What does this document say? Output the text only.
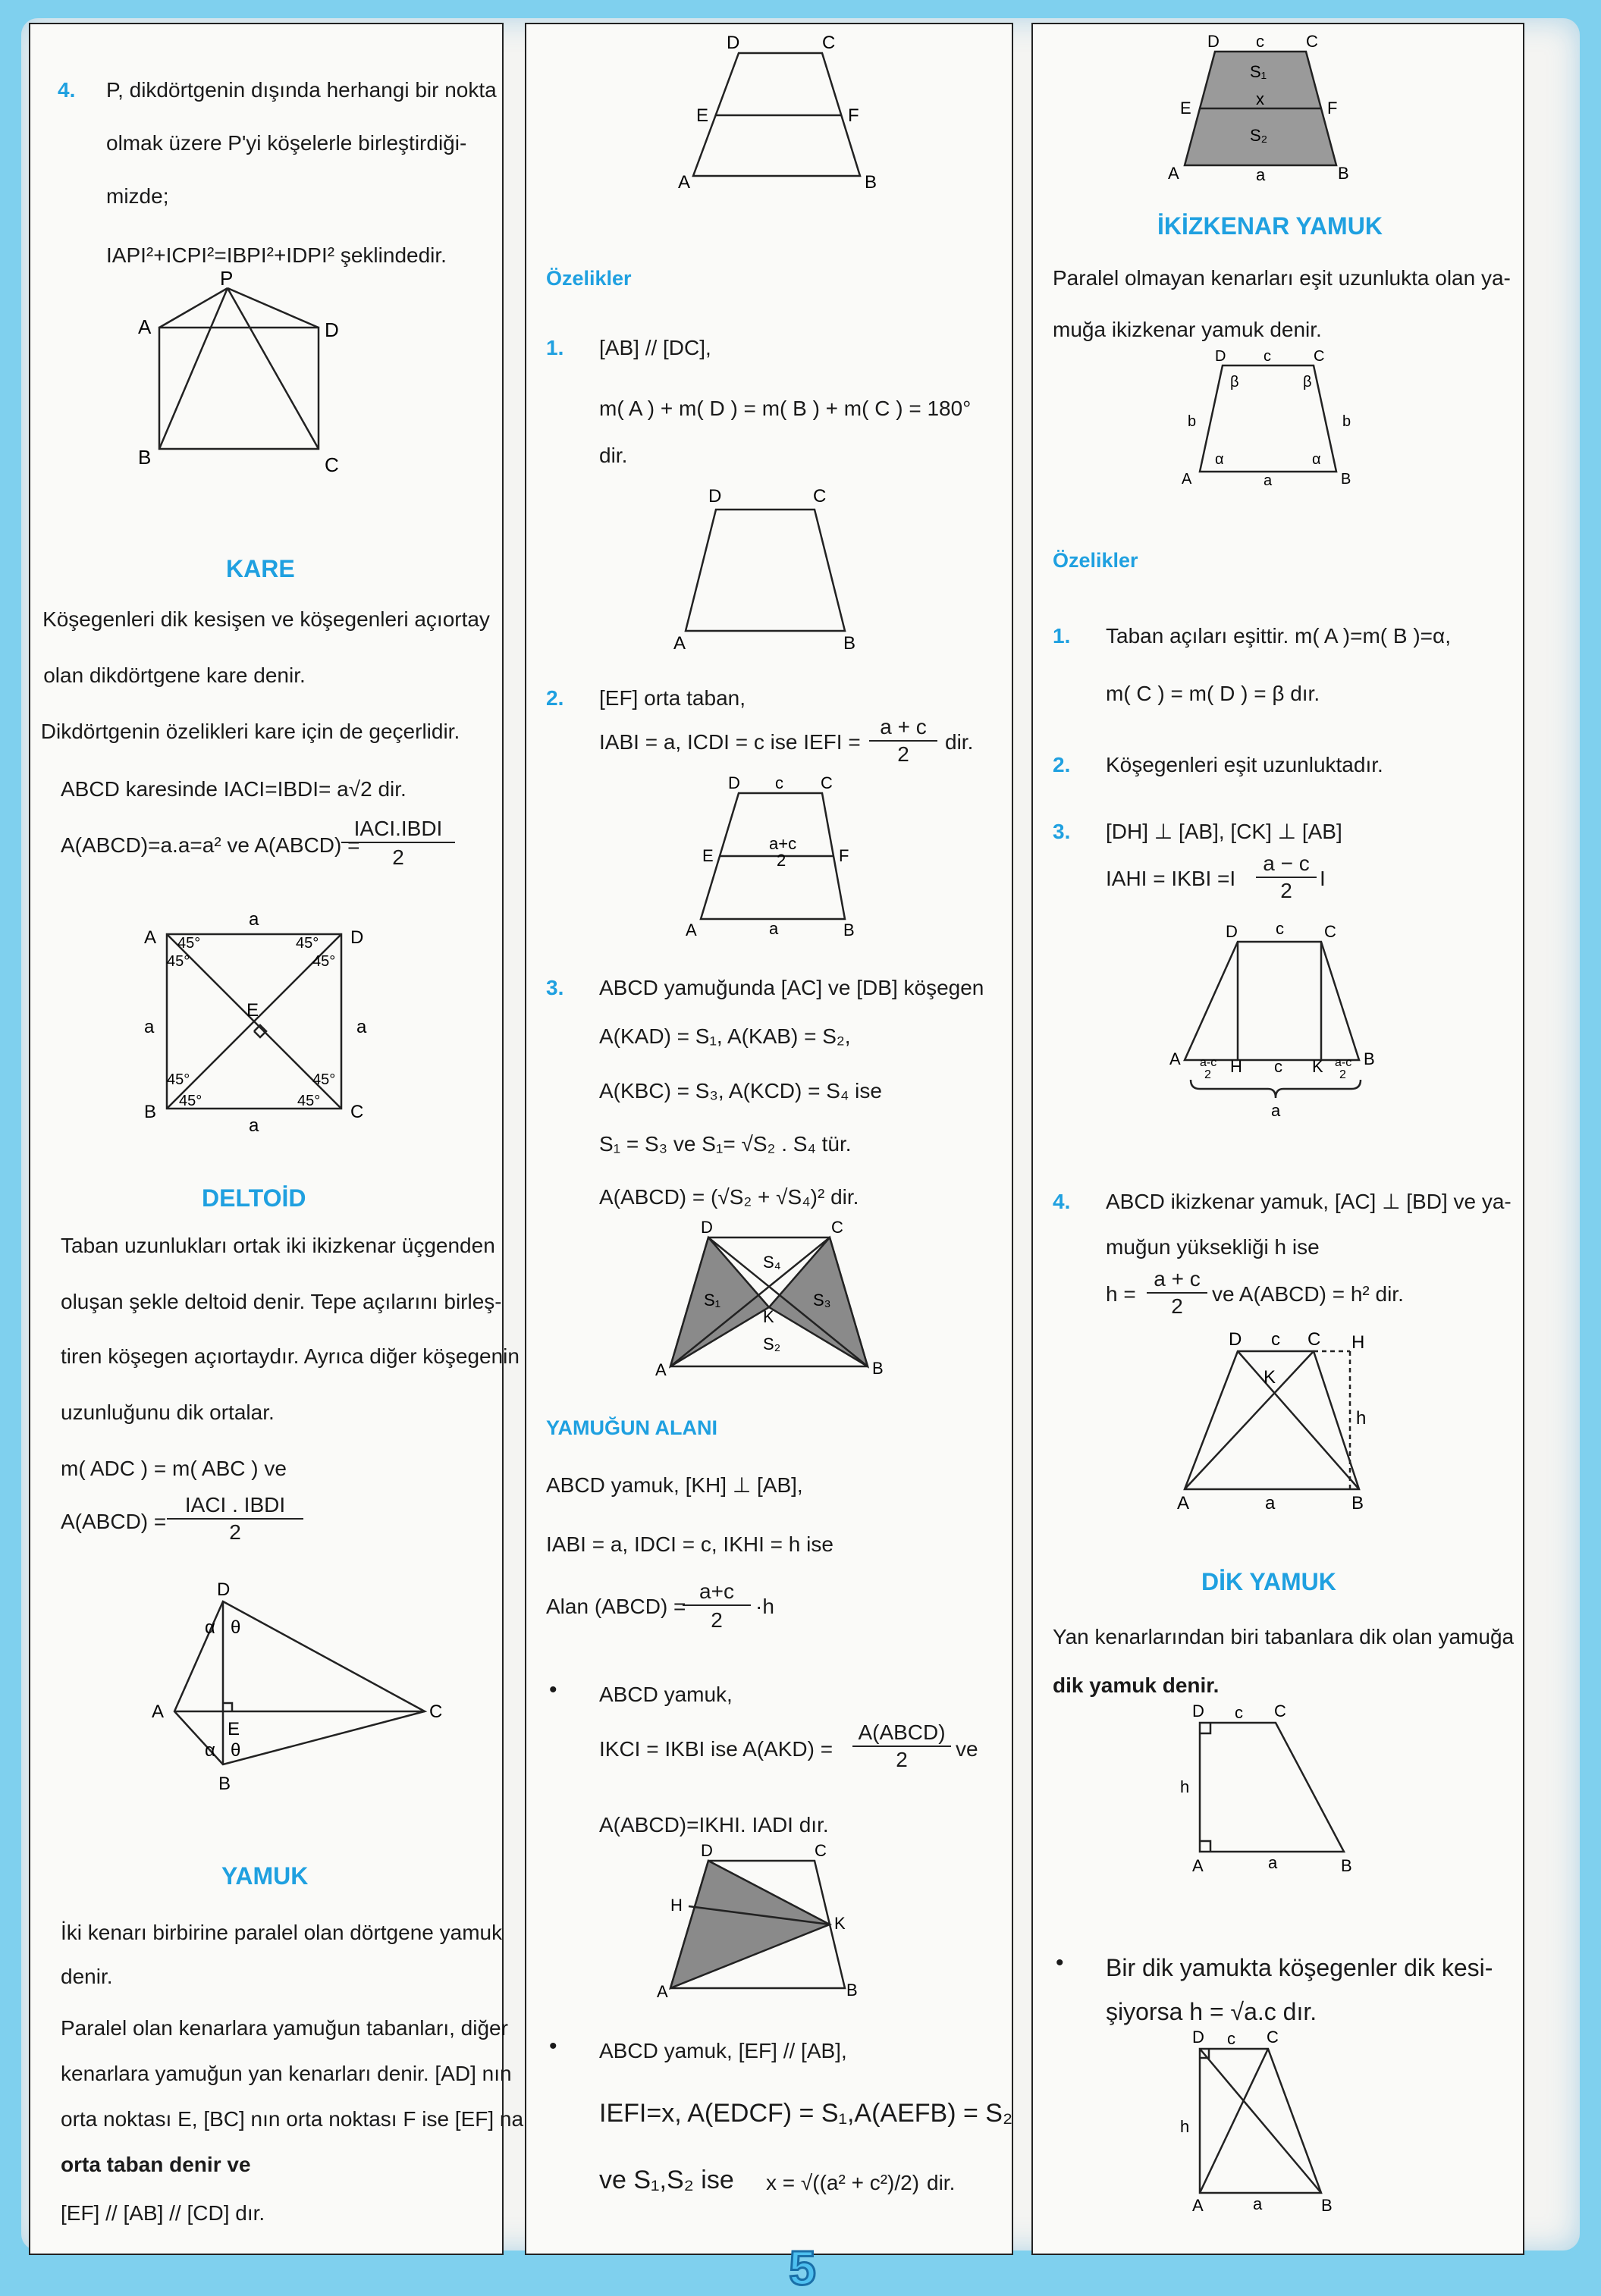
4. P, dikdörtgenin dışında herhangi bir nokta
olmak üzere P'yi köşelerle birleştirdiği-
mizde;
IAPI²+ICPI²=IBPI²+IDPI² şeklindedir.
P
A	D
B	C
KARE
Köşegenleri dik kesişen ve köşegenleri açıortay
olan dikdörtgene kare denir.
Dikdörtgenin özelikleri kare için de geçerlidir.
ABCD karesinde IACI=IBDI= a√2 dir.
A(ABCD)=a.a=a² ve A(ABCD) =
IACI.IBDI
2
a
a	a
a
A	D
B	C
E
45°
45°
45°
45°
45°
45°
45°
45°
DELTOİD
Taban uzunlukları ortak iki ikizkenar üçgenden
oluşan şekle deltoid denir. Tepe açılarını birleş-
tiren köşegen açıortaydır. Ayrıca diğer köşegenin
uzunluğunu dik ortalar.
m( ADC ) = m( ABC ) ve
A(ABCD) =
IACI . IBDI
2
D
A
B
C
E
α θ
α θ
YAMUK
İki kenarı birbirine paralel olan dörtgene yamuk
denir.
Paralel olan kenarlara yamuğun tabanları, diğer
kenarlara yamuğun yan kenarları denir. [AD] nın
orta noktası E, [BC] nın orta noktası F ise [EF] na
orta taban denir ve
[EF] // [AB] // [CD] dır.
D	C
E	F
A	B
Özelikler
1. [AB] // [DC],
m( A ) + m( D ) = m( B ) + m( C ) = 180°
dir.
D	C
A	B
2. [EF] orta taban,
IABI = a, ICDI = c ise IEFI =
a + c
2
dir.
D c C
a+c
2
E	F
A	a	B
3. ABCD yamuğunda [AC] ve [DB] köşegen
A(KAD) = S₁, A(KAB) = S₂,
A(KBC) = S₃, A(KCD) = S₄ ise
S₁ = S₃ ve S₁= √S₂ . S₄ tür.
A(ABCD) = (√S₂ + √S₄)² dir.
D	C
A	B
S₄
S₁	S₃
K
S₂
YAMUĞUN ALANI
ABCD yamuk, [KH] ⊥ [AB],
IABI = a, IDCI = c, IKHI = h ise
Alan (ABCD) =
a+c
2
·h
• ABCD yamuk,
IKCI = IKBI ise A(AKD) =
A(ABCD)
2	ve
A(ABCD)=IKHI. IADI dır.
D	C
H
K
A	B
• ABCD yamuk, [EF] // [AB],
IEFI=x, A(EDCF) = S₁,A(AEFB) = S₂
ve S₁,S₂ ise x = √((a² + c²)/2) dir.
D c	C
S₁
x
S₂
E	F
A	a	B
İKİZKENAR YAMUK
Paralel olmayan kenarları eşit uzunlukta olan ya-
muğa ikizkenar yamuk denir.
D c	C
β	β
b	b
α	α
A	a	B
Özelikler
1. Taban açıları eşittir. m( A )=m( B )=α,
m( C ) = m( D ) = β dır.
2. Köşegenleri eşit uzunluktadır.
3. [DH] ⊥ [AB], [CK] ⊥ [AB]
IAHI = IKBI =I
a − c
2
I
D c C
A a-c
2 H c K a-c
2
B
a
4. ABCD ikizkenar yamuk, [AC] ⊥ [BD] ve ya-
muğun yüksekliği h ise
h =
a + c
2
ve A(ABCD) = h² dir.
D c C H
K
h
A	a	B
DİK YAMUK
Yan kenarlarından biri tabanlara dik olan yamuğa
dik yamuk denir.
D c C
h
A	a	B
• Bir dik yamukta köşegenler dik kesi-
şiyorsa h = √a.c dır.
D c C
h
A	a	B
5
